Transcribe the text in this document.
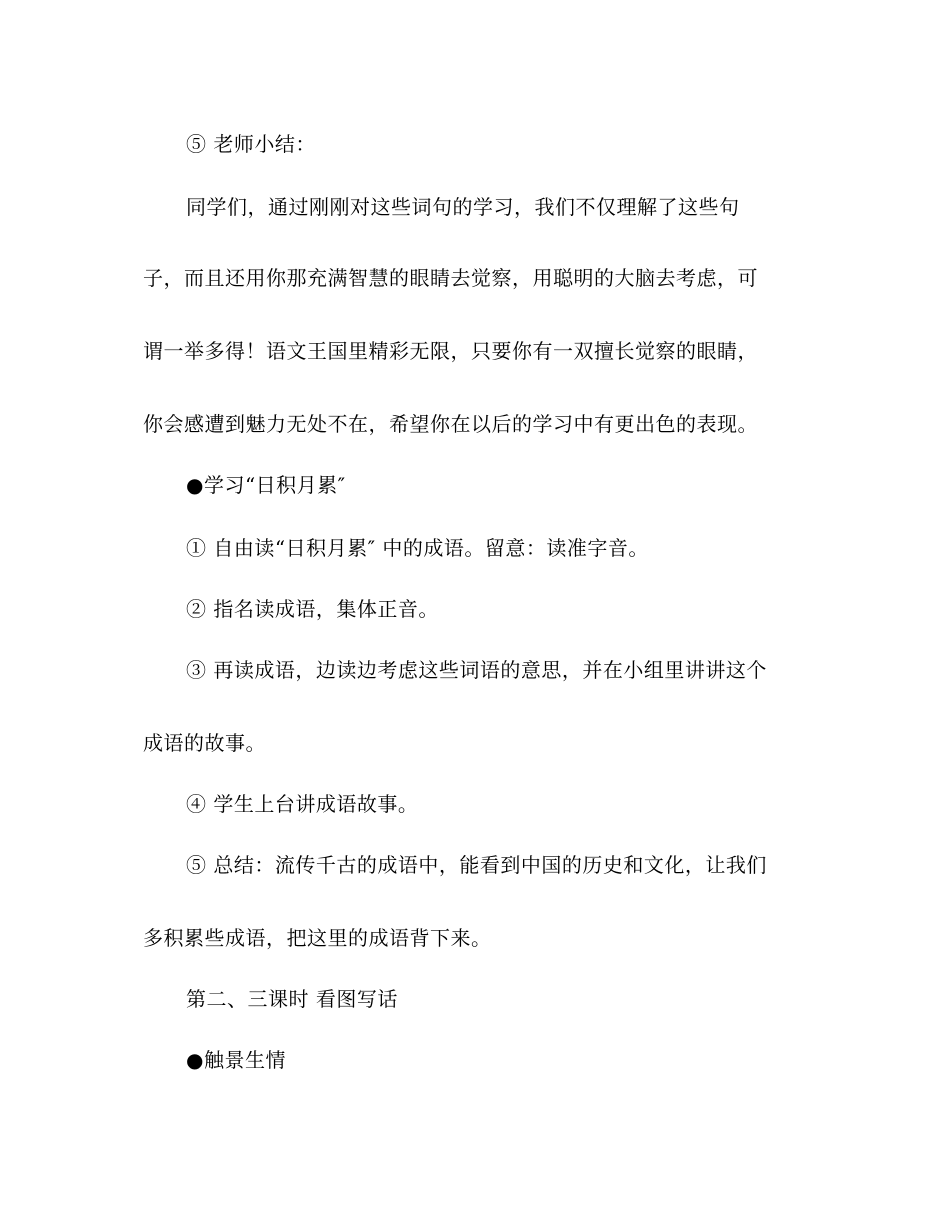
⑤ 老师小结：
同学们，通过刚刚对这些词句的学习，我们不仅理解了这些句
子，而且还用你那充满智慧的眼睛去觉察，用聪明的大脑去考虑，可
谓一举多得！语文王国里精彩无限，只要你有一双擅长觉察的眼睛，
你会感遭到魅力无处不在，希望你在以后的学习中有更出色的表现。
●学习“日积月累″
① 自由读“日积月累″ 中的成语。留意：读准字音。
② 指名读成语，集体正音。
③ 再读成语，边读边考虑这些词语的意思，并在小组里讲讲这个
成语的故事。
④ 学生上台讲成语故事。
⑤ 总结：流传千古的成语中，能看到中国的历史和文化，让我们
多积累些成语，把这里的成语背下来。
第二、三课时 看图写话
●触景生情
